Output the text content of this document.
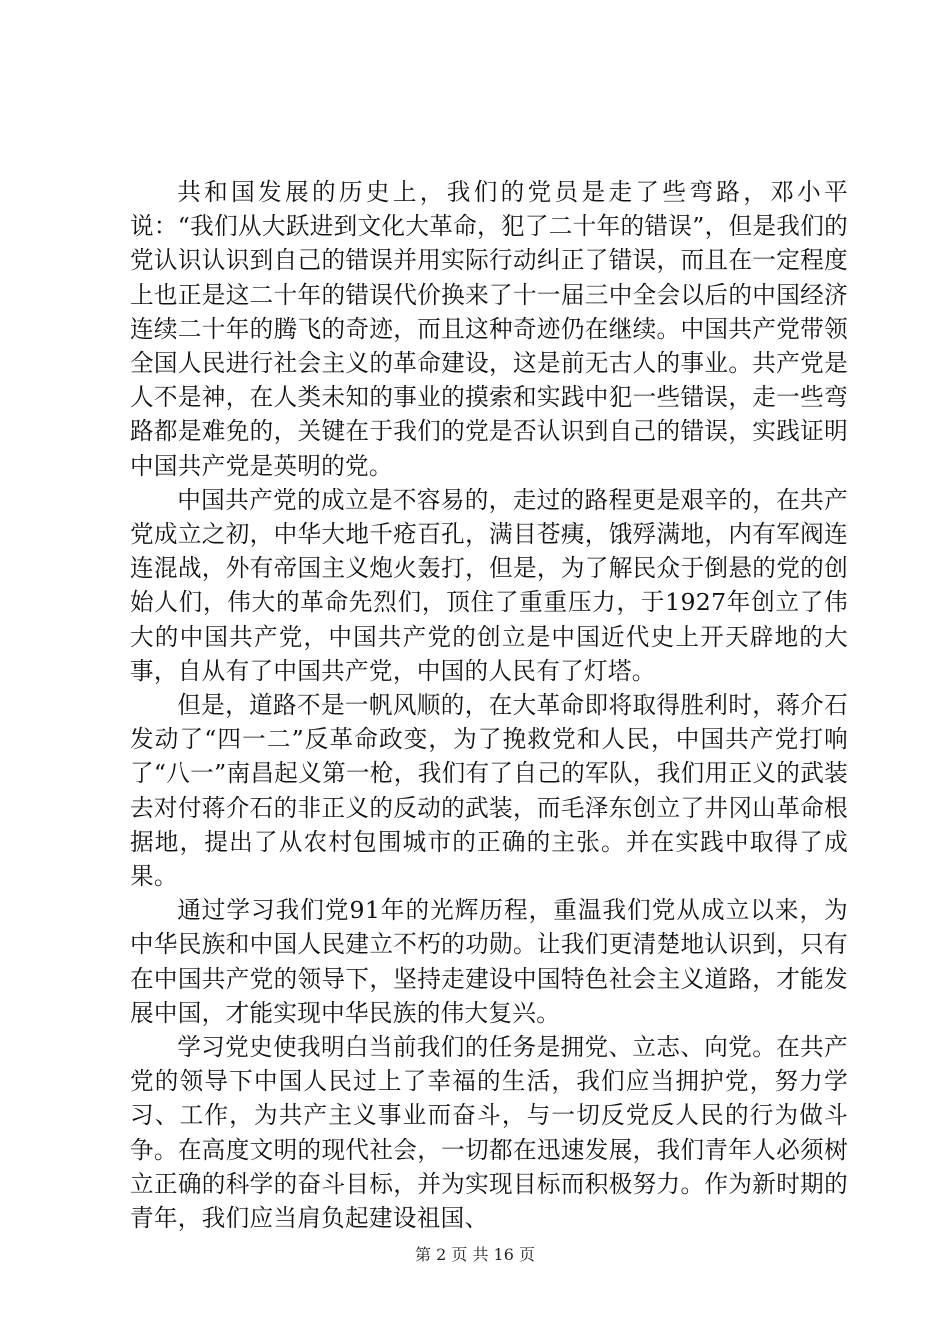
共和国发展的历史上，我们的党员是走了些弯路，邓小平说：“我们从大跃进到文化大革命，犯了二十年的错误”，但是我们的党认识认识到自己的错误并用实际行动纠正了错误，而且在一定程度上也正是这二十年的错误代价换来了十一届三中全会以后的中国经济连续二十年的腾飞的奇迹，而且这种奇迹仍在继续。中国共产党带领全国人民进行社会主义的革命建设，这是前无古人的事业。共产党是人不是神，在人类未知的事业的摸索和实践中犯一些错误，走一些弯路都是难免的，关键在于我们的党是否认识到自己的错误，实践证明中国共产党是英明的党。

中国共产党的成立是不容易的，走过的路程更是艰辛的，在共产党成立之初，中华大地千疮百孔，满目苍痍，饿殍满地，内有军阀连连混战，外有帝国主义炮火轰打，但是，为了解民众于倒悬的党的创始人们，伟大的革命先烈们，顶住了重重压力，于1927年创立了伟大的中国共产党，中国共产党的创立是中国近代史上开天辟地的大事，自从有了中国共产党，中国的人民有了灯塔。

但是，道路不是一帆风顺的，在大革命即将取得胜利时，蒋介石发动了“四一二”反革命政变，为了挽救党和人民，中国共产党打响了“八一”南昌起义第一枪，我们有了自己的军队，我们用正义的武装去对付蒋介石的非正义的反动的武装，而毛泽东创立了井冈山革命根据地，提出了从农村包围城市的正确的主张。并在实践中取得了成果。

通过学习我们党91年的光辉历程，重温我们党从成立以来，为中华民族和中国人民建立不朽的功勋。让我们更清楚地认识到，只有在中国共产党的领导下，坚持走建设中国特色社会主义道路，才能发展中国，才能实现中华民族的伟大复兴。

学习党史使我明白当前我们的任务是拥党、立志、向党。在共产党的领导下中国人民过上了幸福的生活，我们应当拥护党，努力学习、工作，为共产主义事业而奋斗，与一切反党反人民的行为做斗争。在高度文明的现代社会，一切都在迅速发展，我们青年人必须树立正确的科学的奋斗目标，并为实现目标而积极努力。作为新时期的青年，我们应当肩负起建设祖国、

第 2 页 共 16 页
